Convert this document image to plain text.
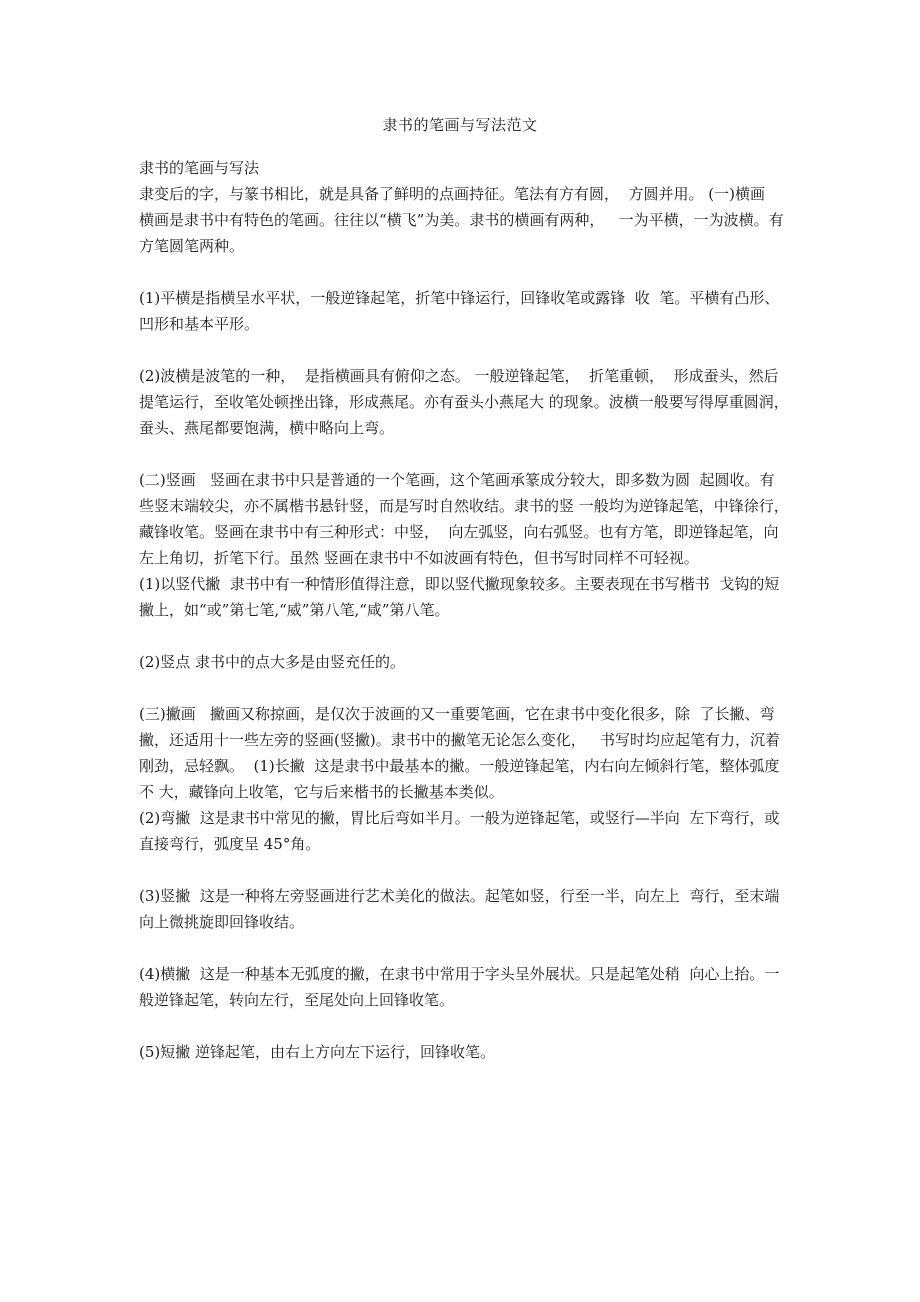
隶书的笔画与写法范文

隶书的笔画与写法

隶变后的字，与篆书相比，就是具备了鲜明的点画持征。笔法有方有圆，  方圆并用。 (一)横画   横画是隶书中有特色的笔画。往往以“横飞”为美。隶书的横画有两种，   一为平横，一为波横。有方笔圆笔两种。

(1)平横是指横呈水平状，一般逆锋起笔，折笔中锋运行，回锋收笔或露锋  收  笔。平横有凸形、凹形和基本平形。

(2)波横是波笔的一种，  是指横画具有俯仰之态。 一般逆锋起笔，  折笔重顿，  形成蚕头，然后提笔运行，至收笔处顿挫出锋，形成燕尾。亦有蚕头小燕尾大 的现象。波横一般要写得厚重圆润，蚕头、燕尾都要饱满，横中略向上弯。

(二)竖画   竖画在隶书中只是普通的一个笔画，这个笔画承篆成分较大，即多数为圆  起圆收。有些竖末端较尖，亦不属楷书悬针竖，而是写时自然收结。隶书的竖 一般均为逆锋起笔，中锋徐行，藏锋收笔。竖画在隶书中有三种形式：中竖，  向左弧竖，向右弧竖。也有方笔，即逆锋起笔，向左上角切，折笔下行。虽然 竖画在隶书中不如波画有特色，但书写时同样不可轻视。

(1)以竖代撇  隶书中有一种情形值得注意，即以竖代撇现象较多。主要表现在书写楷书  戈钩的短撇上，如“或”第七笔,“威”第八笔,“咸”第八笔。

(2)竖点 隶书中的点大多是由竖充任的。

(三)撇画   撇画又称掠画，是仅次于波画的又一重要笔画，它在隶书中变化很多，除  了长撇、弯撇，还适用十一些左旁的竖画(竖撇)。隶书中的撇笔无论怎么变化，   书写时均应起笔有力，沉着刚劲，忌轻飘。  (1)长撇  这是隶书中最基本的撇。一般逆锋起笔，内右向左倾斜行笔，整体弧度不 大，藏锋向上收笔，它与后来楷书的长撇基本类似。

(2)弯撇  这是隶书中常见的撇，胃比后弯如半月。一般为逆锋起笔，或竖行—半向  左下弯行，或直接弯行，弧度呈 45°角。

(3)竖撇  这是一种将左旁竖画进行艺术美化的做法。起笔如竖，行至一半，向左上  弯行，至末端向上微挑旋即回锋收结。

(4)横撇  这是一种基本无弧度的撇，在隶书中常用于字头呈外展状。只是起笔处稍  向心上抬。一般逆锋起笔，转向左行，至尾处向上回锋收笔。

(5)短撇 逆锋起笔，由右上方向左下运行，回锋收笔。
